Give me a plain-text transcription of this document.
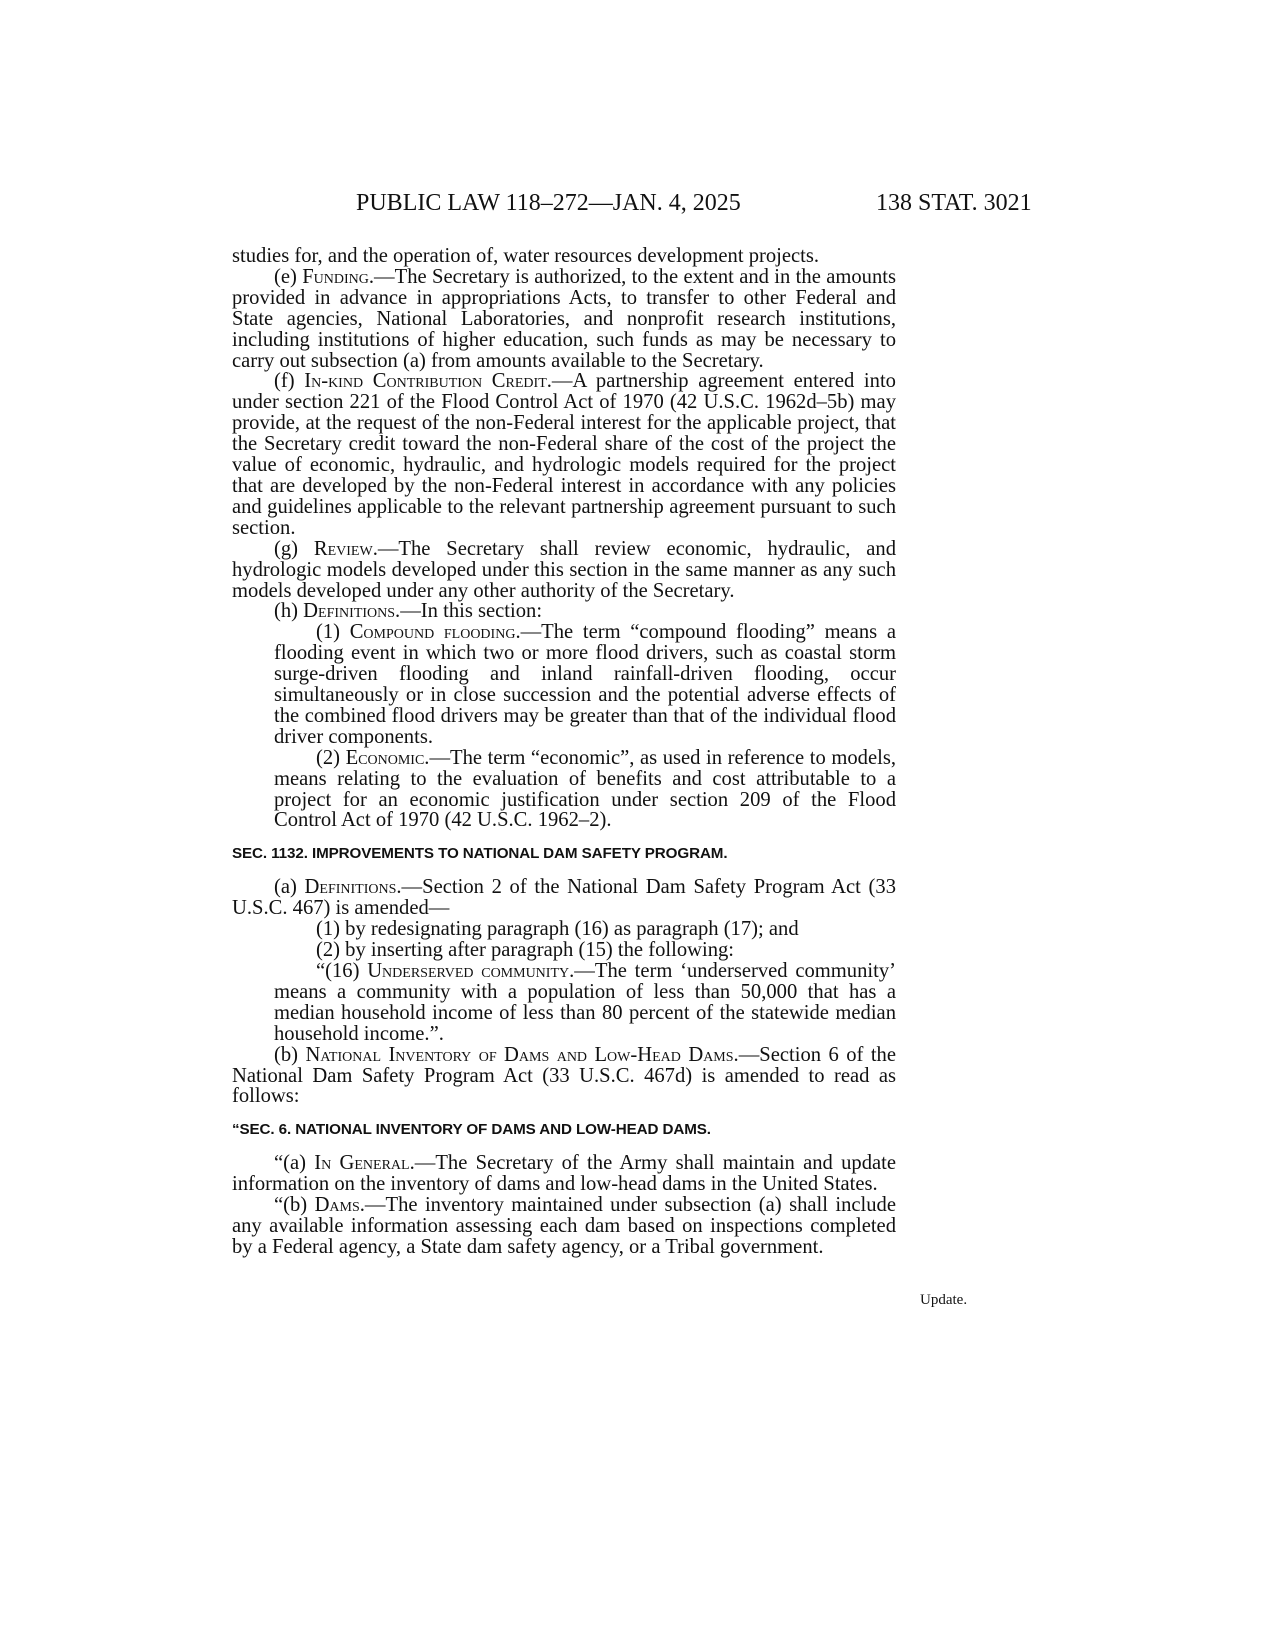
PUBLIC LAW 118–272—JAN. 4, 2025	138 STAT. 3021
Update.

studies for, and the operation of, water resources development projects.

(e) Funding.—The Secretary is authorized, to the extent and in the amounts provided in advance in appropriations Acts, to transfer to other Federal and State agencies, National Laboratories, and nonprofit research institutions, including institutions of higher education, such funds as may be necessary to carry out subsection (a) from amounts available to the Secretary.

(f) In-kind Contribution Credit.—A partnership agreement entered into under section 221 of the Flood Control Act of 1970 (42 U.S.C. 1962d–5b) may provide, at the request of the non-Federal interest for the applicable project, that the Secretary credit toward the non-Federal share of the cost of the project the value of economic, hydraulic, and hydrologic models required for the project that are developed by the non-Federal interest in accordance with any policies and guidelines applicable to the relevant partnership agreement pursuant to such section.

(g) Review.—The Secretary shall review economic, hydraulic, and hydrologic models developed under this section in the same manner as any such models developed under any other authority of the Secretary.

(h) Definitions.—In this section:

(1) Compound flooding.—The term “compound flooding” means a flooding event in which two or more flood drivers, such as coastal storm surge-driven flooding and inland rainfall-driven flooding, occur simultaneously or in close succession and the potential adverse effects of the combined flood drivers may be greater than that of the individual flood driver components.

(2) Economic.—The term “economic”, as used in reference to models, means relating to the evaluation of benefits and cost attributable to a project for an economic justification under section 209 of the Flood Control Act of 1970 (42 U.S.C. 1962–2).

SEC. 1132. IMPROVEMENTS TO NATIONAL DAM SAFETY PROGRAM.

(a) Definitions.—Section 2 of the National Dam Safety Program Act (33 U.S.C. 467) is amended—

(1) by redesignating paragraph (16) as paragraph (17); and

(2) by inserting after paragraph (15) the following:

“(16) Underserved community.—The term ‘underserved community’ means a community with a population of less than 50,000 that has a median household income of less than 80 percent of the statewide median household income.”.

(b) National Inventory of Dams and Low-Head Dams.—Section 6 of the National Dam Safety Program Act (33 U.S.C. 467d) is amended to read as follows:

“SEC. 6. NATIONAL INVENTORY OF DAMS AND LOW-HEAD DAMS.

“(a) In General.—The Secretary of the Army shall maintain and update information on the inventory of dams and low-head dams in the United States.

“(b) Dams.—The inventory maintained under subsection (a) shall include any available information assessing each dam based on inspections completed by a Federal agency, a State dam safety agency, or a Tribal government.
